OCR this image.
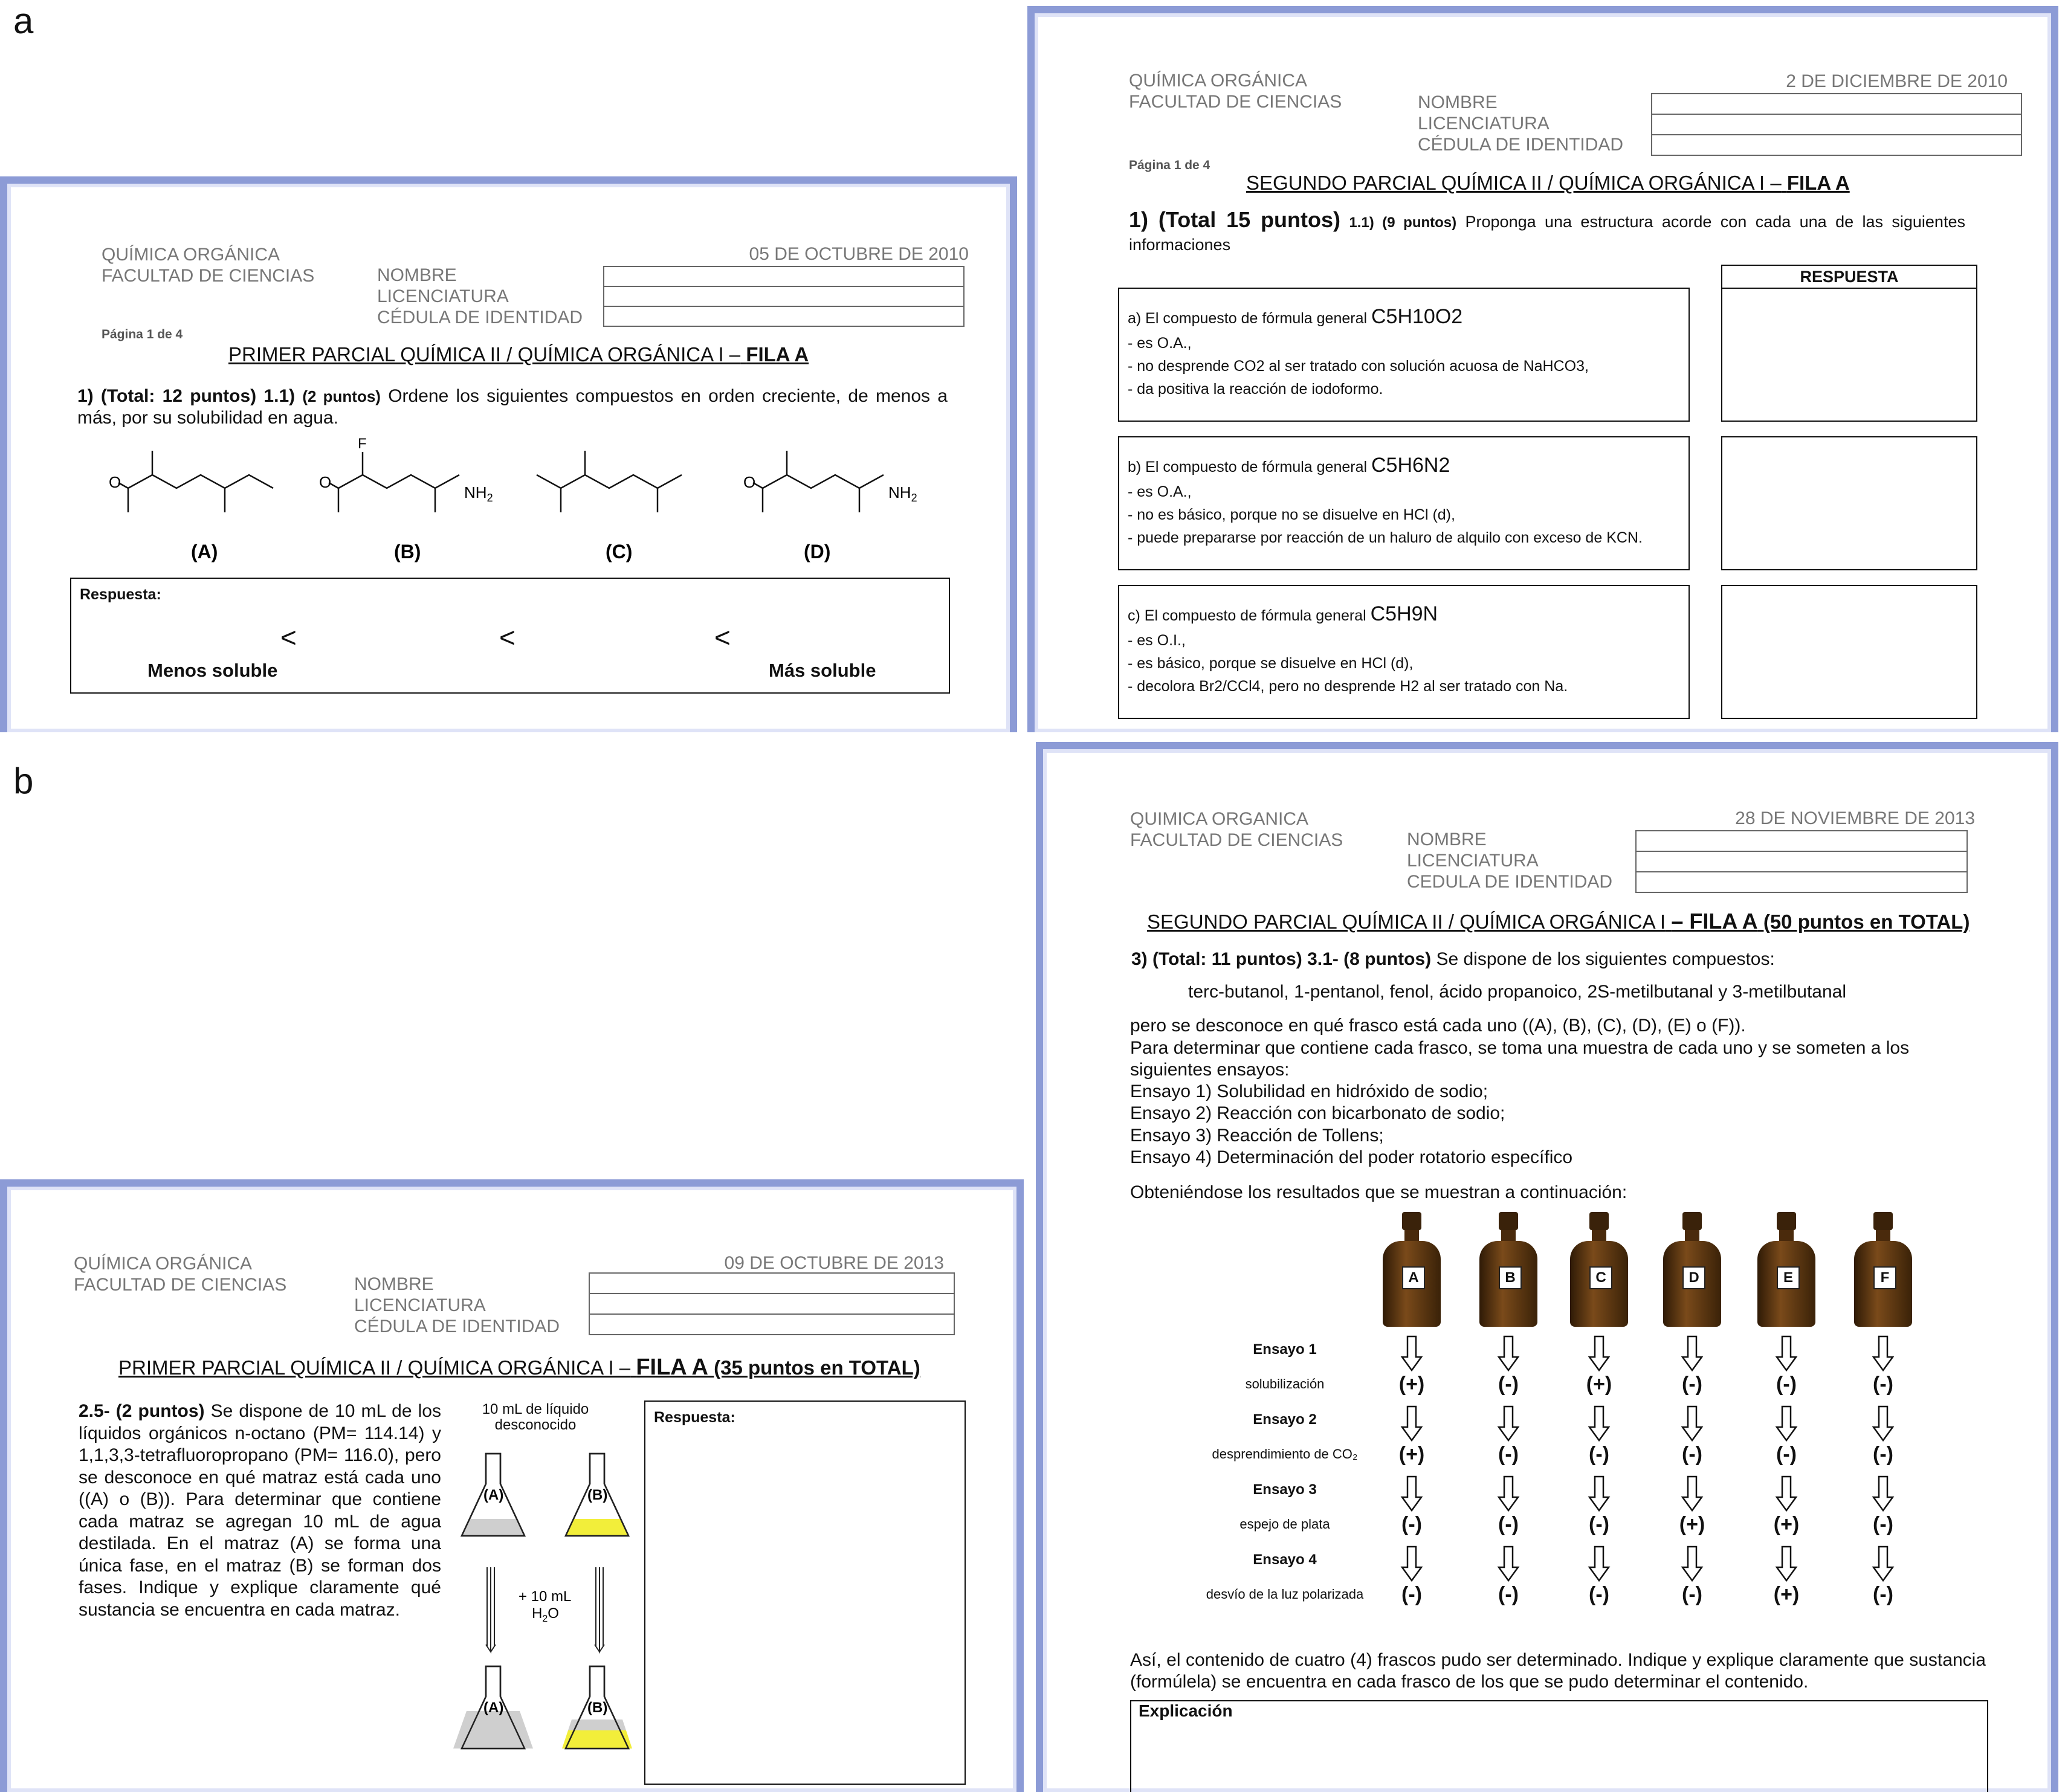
a
b
QUÍMICA ORGÁNICA
FACULTAD DE CIENCIAS	NOMBRE
LICENCIATURA
CÉDULA DE IDENTIDAD
05 DE OCTUBRE DE 2010
Página 1 de 4
PRIMER PARCIAL QUÍMICA II / QUÍMICA ORGÁNICA I – FILA A
1) (Total: 12 puntos) 1.1) (2 puntos) Ordene los siguientes compuestos en orden creciente, de menos a más, por su solubilidad en agua.
O
(A)
O
F
$NH_2$
(B)	(C)
O
$NH_2$
(D)
Respuesta:
<	<	<
Menos soluble	Más soluble
QUÍMICA ORGÁNICA
FACULTAD DE CIENCIAS	NOMBRE
LICENCIATURA
CÉDULA DE IDENTIDAD
2 DE DICIEMBRE DE 2010
Página 1 de 4
SEGUNDO PARCIAL QUÍMICA II / QUÍMICA ORGÁNICA I – FILA A
1) (Total 15 puntos) 1.1) (9 puntos) Proponga una estructura acorde con cada una de las siguientes informaciones
RESPUESTA
a) El compuesto de fórmula general C5H10O2
- es O.A.,
- no desprende CO2 al ser tratado con solución acuosa de NaHCO3,
- da positiva la reacción de iodoformo.
b) El compuesto de fórmula general C5H6N2
- es O.A.,
- no es básico, porque no se disuelve en HCl (d),
- puede prepararse por reacción de un haluro de alquilo con exceso de KCN.
c) El compuesto de fórmula general C5H9N
- es O.I.,
- es básico, porque se disuelve en HCl (d),
- decolora Br2/CCl4, pero no desprende H2 al ser tratado con Na.
QUÍMICA ORGÁNICA
FACULTAD DE CIENCIAS	NOMBRE
LICENCIATURA
CÉDULA DE IDENTIDAD
09 DE OCTUBRE DE 2013
PRIMER PARCIAL QUÍMICA II / QUÍMICA ORGÁNICA I – FILA A (35 puntos en TOTAL)
2.5- (2 puntos) Se dispone de 10 mL de los líquidos orgánicos n-octano (PM= 114.14) y 1,1,3,3-tetrafluoropropano (PM= 116.0), pero se desconoce en qué matraz está cada uno ((A) o (B)). Para determinar que contiene cada matraz se agregan 10 mL de agua destilada. En el matraz (A) se forma una única fase, en el matraz (B) se forman dos fases. Indique y explique claramente qué sustancia se encuentra en cada matraz.
10 mL de líquido
desconocido
(A)	(B)
(A)	(B)
+ 10 mL
$H_2O$
Respuesta:
QUIMICA ORGANICA
FACULTAD DE CIENCIAS	NOMBRE
LICENCIATURA
CEDULA DE IDENTIDAD
28 DE NOVIEMBRE DE 2013
SEGUNDO PARCIAL QUÍMICA II / QUÍMICA ORGÁNICA I – FILA A (50 puntos en TOTAL)
3) (Total: 11 puntos) 3.1- (8 puntos) Se dispone de los siguientes compuestos:
terc-butanol, 1-pentanol, fenol, ácido propanoico, 2S-metilbutanal y 3-metilbutanal
pero se desconoce en qué frasco está cada uno ((A), (B), (C), (D), (E) o (F)).
Para determinar que contiene cada frasco, se toma una muestra de cada uno y se someten a los siguientes ensayos:
Ensayo 1) Solubilidad en hidróxido de sodio;
Ensayo 2) Reacción con bicarbonato de sodio;
Ensayo 3) Reacción de Tollens;
Ensayo 4) Determinación del poder rotatorio específico
Obteniéndose los resultados que se muestran a continuación:
A	B	C	D	E	F
Ensayo 1
solubilización	(+)	(-)	(+)	(-)	(-)	(-)
Ensayo 2
desprendimiento de CO₂	(+)	(-)	(-)	(-)	(-)	(-)
Ensayo 3
espejo de plata	(-)	(-)	(-)	(+)	(+)	(-)
Ensayo 4
desvío de la luz polarizada	(-)	(-)	(-)	(-)	(+)	(-)
Así, el contenido de cuatro (4) frascos pudo ser determinado. Indique y explique claramente que sustancia (formúlela) se encuentra en cada frasco de los que se pudo determinar el contenido.
Explicación
